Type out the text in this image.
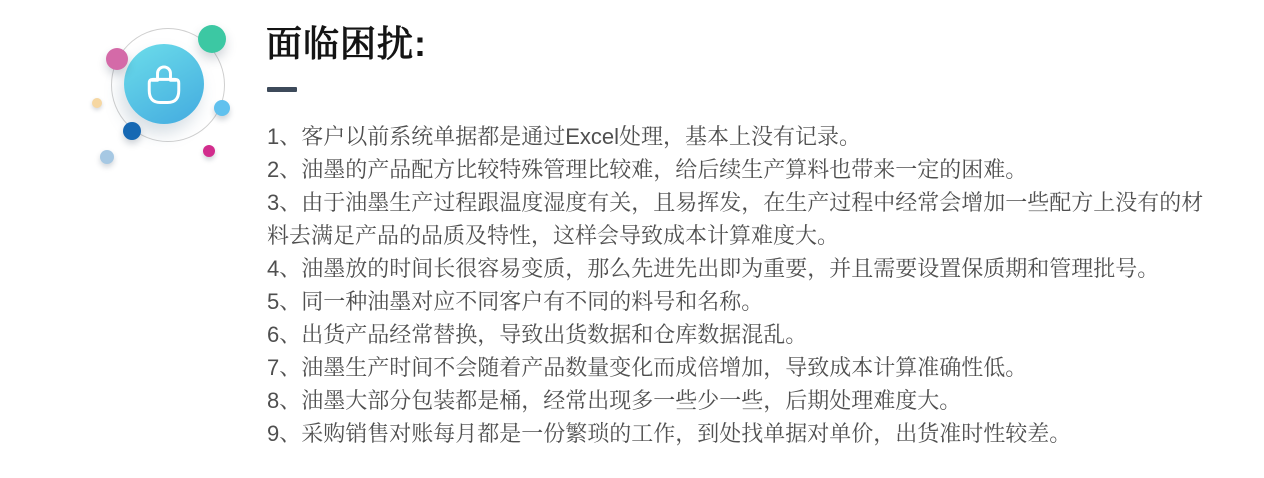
面临困扰:
1、客户以前系统单据都是通过Excel处理，基本上没有记录。
2、油墨的产品配方比较特殊管理比较难，给后续生产算料也带来一定的困难。
3、由于油墨生产过程跟温度湿度有关，且易挥发，在生产过程中经常会增加一些配方上没有的材料去满足产品的品质及特性，这样会导致成本计算难度大。
4、油墨放的时间长很容易变质，那么先进先出即为重要，并且需要设置保质期和管理批号。
5、同一种油墨对应不同客户有不同的料号和名称。
6、出货产品经常替换，导致出货数据和仓库数据混乱。
7、油墨生产时间不会随着产品数量变化而成倍增加，导致成本计算准确性低。
8、油墨大部分包装都是桶，经常出现多一些少一些，后期处理难度大。
9、采购销售对账每月都是一份繁琐的工作，到处找单据对单价，出货准时性较差。
